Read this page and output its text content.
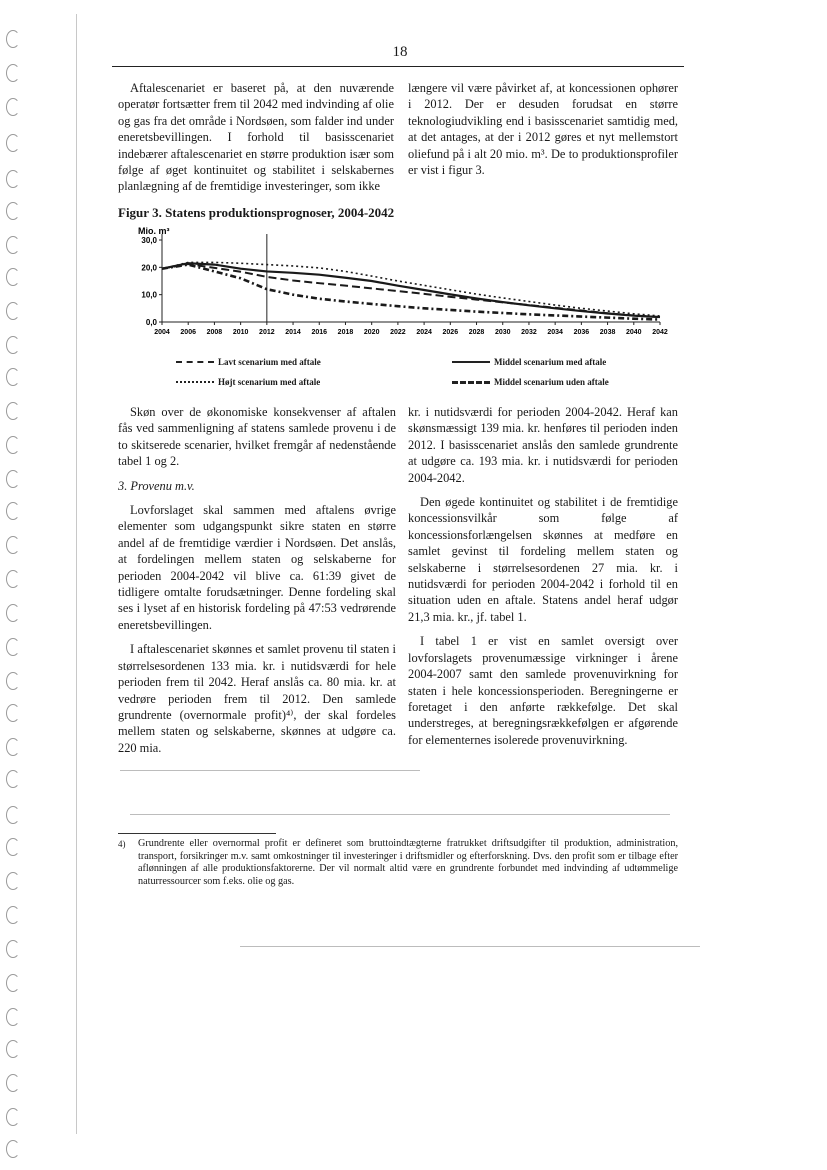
18

Aftalescenariet er baseret på, at den nuværende operatør fortsætter frem til 2042 med indvinding af olie og gas fra det område i Nordsøen, som falder ind under eneretsbevillingen. I forhold til basisscenariet indebærer aftalescenariet en større produktion især som følge af øget kontinuitet og stabilitet i selskabernes planlægning af de fremtidige investeringer, som ikke

længere vil være påvirket af, at koncessionen ophører i 2012. Der er desuden forudsat en større teknologiudvikling end i basisscenariet samtidig med, at det antages, at der i 2012 gøres et nyt mellemstort oliefund på i alt 20 mio. m³. De to produktionsprofiler er vist i figur 3.

Figur 3. Statens produktionsprognoser, 2004-2042
Mio. m³
0,0
10,0
20,0
30,0
2004 2006 2008 2010 2012 2014 2016 2018 2020 2022 2024 2026 2028 2030 2032 2034 2036 2038 2040 2042
Lavt scenarium med aftale	Middel scenarium med aftale
Højt scenarium med aftale	Middel scenarium uden aftale

Skøn over de økonomiske konsekvenser af aftalen fås ved sammenligning af statens samlede provenu i de to skitserede scenarier, hvilket fremgår af nedenstående tabel 1 og 2.

3. Provenu m.v.

Lovforslaget skal sammen med aftalens øvrige elementer som udgangspunkt sikre staten en større andel af de fremtidige værdier i Nordsøen. Det anslås, at fordelingen mellem staten og selskaberne for perioden 2004-2042 vil blive ca. 61:39 givet de tidligere omtalte forudsætninger. Denne fordeling skal ses i lyset af en historisk fordeling på 47:53 vedrørende eneretsbevillingen.

I aftalescenariet skønnes et samlet provenu til staten i størrelsesordenen 133 mia. kr. i nutidsværdi for hele perioden frem til 2042. Heraf anslås ca. 80 mia. kr. at vedrøre perioden frem til 2012. Den samlede grundrente (overnormale profit)⁴⁾, der skal fordeles mellem staten og selskaberne, skønnes at udgøre ca. 220 mia.

kr. i nutidsværdi for perioden 2004-2042. Heraf kan skønsmæssigt 139 mia. kr. henføres til perioden inden 2012. I basisscenariet anslås den samlede grundrente at udgøre ca. 193 mia. kr. i nutidsværdi for perioden 2004-2042.

Den øgede kontinuitet og stabilitet i de fremtidige koncessionsvilkår som følge af koncessionsforlængelsen skønnes at medføre en samlet gevinst til fordeling mellem staten og selskaberne i størrelsesordenen 27 mia. kr. i nutidsværdi for perioden 2004-2042 i forhold til en situation uden en aftale. Statens andel heraf udgør 21,3 mia. kr., jf. tabel 1.

I tabel 1 er vist en samlet oversigt over lovforslagets provenumæssige virkninger i årene 2004-2007 samt den samlede provenuvirkning for staten i hele koncessionsperioden. Beregningerne er foretaget i den anførte rækkefølge. Det skal understreges, at beregningsrækkefølgen er afgørende for elementernes isolerede provenuvirkning.

4)	Grundrente eller overnormal profit er defineret som bruttoindtægterne fratrukket driftsudgifter til produktion, administration, transport, forsikringer m.v. samt omkostninger til investeringer i driftsmidler og efterforskning. Dvs. den profit som er tilbage efter aflønningen af alle produktionsfaktorerne. Der vil normalt altid være en grundrente forbundet med indvinding af udtømmelige naturressourcer som f.eks. olie og gas.
